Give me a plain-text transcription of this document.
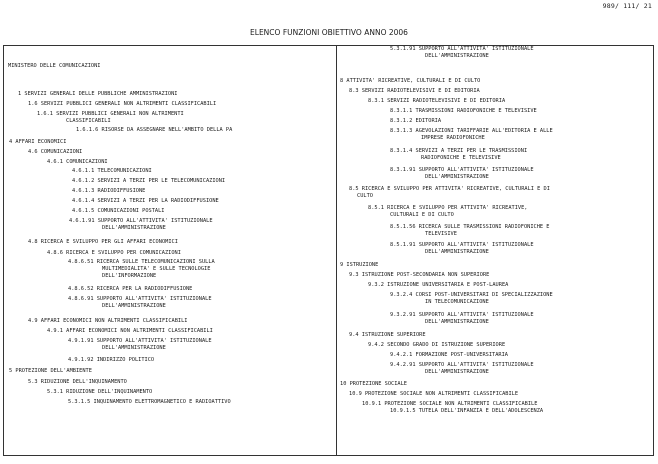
989/ 111/ 21
ELENCO FUNZIONI OBIETTIVO ANNO 2006
MINISTERO DELLE COMUNICAZIONI
1 SERVIZI GENERALI DELLE PUBBLICHE AMMINISTRAZIONI
1.6 SERVIZI PUBBLICI GENERALI NON ALTRIMENTI CLASSIFICABILI
1.6.1 SERVIZI PUBBLICI GENERALI NON ALTRIMENTI
CLASSIFICABILI
1.6.1.6 RISORSE DA ASSEGNARE NELL'AMBITO DELLA PA
4 AFFARI ECONOMICI
4.6 COMUNICAZIONI
4.6.1 COMUNICAZIONI
4.6.1.1 TELECOMUNICAZIONI
4.6.1.2 SERVIZI A TERZI PER LE TELECOMUNICAZIONI
4.6.1.3 RADIODIFFUSIONE
4.6.1.4 SERVIZI A TERZI PER LA RADIODIFFUSIONE
4.6.1.5 COMUNICAZIONI POSTALI
4.6.1.91 SUPPORTO ALL'ATTIVITA' ISTITUZIONALE
DELL'AMMINISTRAZIONE
4.8 RICERCA E SVILUPPO PER GLI AFFARI ECONOMICI
4.8.6 RICERCA E SVILUPPO PER COMUNICAZIONI
4.8.6.51 RICERCA SULLE TELECOMUNICAZIONI SULLA
MULTIMEDIALITA' E SULLE TECNOLOGIE
DELL'INFORMAZIONE
4.8.6.52 RICERCA PER LA RADIODIFFUSIONE
4.8.6.91 SUPPORTO ALL'ATTIVITA' ISTITUZIONALE
DELL'AMMINISTRAZIONE
4.9 AFFARI ECONOMICI NON ALTRIMENTI CLASSIFICABILI
4.9.1 AFFARI ECONOMICI NON ALTRIMENTI CLASSIFICABILI
4.9.1.91 SUPPORTO ALL'ATTIVITA' ISTITUZIONALE
DELL'AMMINISTRAZIONE
4.9.1.92 INDIRIZZO POLITICO
5 PROTEZIONE DELL'AMBIENTE
5.3 RIDUZIONE DELL'INQUINAMENTO
5.3.1 RIDUZIONE DELL'INQUINAMENTO
5.3.1.5 INQUINAMENTO ELETTROMAGNETICO E RADIOATTIVO
5.3.1.91 SUPPORTO ALL'ATTIVITA' ISTITUZIONALE
DELL'AMMINISTRAZIONE
8 ATTIVITA' RICREATIVE, CULTURALI E DI CULTO
8.3 SERVIZI RADIOTELEVISIVI E DI EDITORIA
8.3.1 SERVIZI RADIOTELEVISIVI E DI EDITORIA
8.3.1.1 TRASMISSIONI RADIOFONICHE E TELEVISIVE
8.3.1.2 EDITORIA
8.3.1.3 AGEVOLAZIONI TARIFFARIE ALL'EDITORIA E ALLE
IMPRESE RADIOFONICHE
8.3.1.4 SERVIZI A TERZI PER LE TRASMISSIONI
RADIOFONICHE E TELEVISIVE
8.3.1.91 SUPPORTO ALL'ATTIVITA' ISTITUZIONALE
DELL'AMMINISTRAZIONE
8.5 RICERCA E SVILUPPO PER ATTIVITA' RICREATIVE, CULTURALI E DI
CULTO
8.5.1 RICERCA E SVILUPPO PER ATTIVITA' RICREATIVE,
CULTURALI E DI CULTO
8.5.1.56 RICERCA SULLE TRASMISSIONI RADIOFONICHE E
TELEVISIVE
8.5.1.91 SUPPORTO ALL'ATTIVITA' ISTITUZIONALE
DELL'AMMINISTRAZIONE
9 ISTRUZIONE
9.3 ISTRUZIONE POST-SECONDARIA NON SUPERIORE
9.3.2 ISTRUZIONE UNIVERSITARIA E POST-LAUREA
9.3.2.4 CORSI POST-UNIVERSITARI DI SPECIALIZZAZIONE
IN TELECOMUNICAZIONE
9.3.2.91 SUPPORTO ALL'ATTIVITA' ISTITUZIONALE
DELL'AMMINISTRAZIONE
9.4 ISTRUZIONE SUPERIORE
9.4.2 SECONDO GRADO DI ISTRUZIONE SUPERIORE
9.4.2.1 FORMAZIONE POST-UNIVERSITARIA
9.4.2.91 SUPPORTO ALL'ATTIVITA' ISTITUZIONALE
DELL'AMMINISTRAZIONE
10 PROTEZIONE SOCIALE
10.9 PROTEZIONE SOCIALE NON ALTRIMENTI CLASSIFICABILE
10.9.1 PROTEZIONE SOCIALE NON ALTRIMENTI CLASSIFICABILE
10.9.1.5 TUTELA DELL'INFANZIA E DELL'ADOLESCENZA
